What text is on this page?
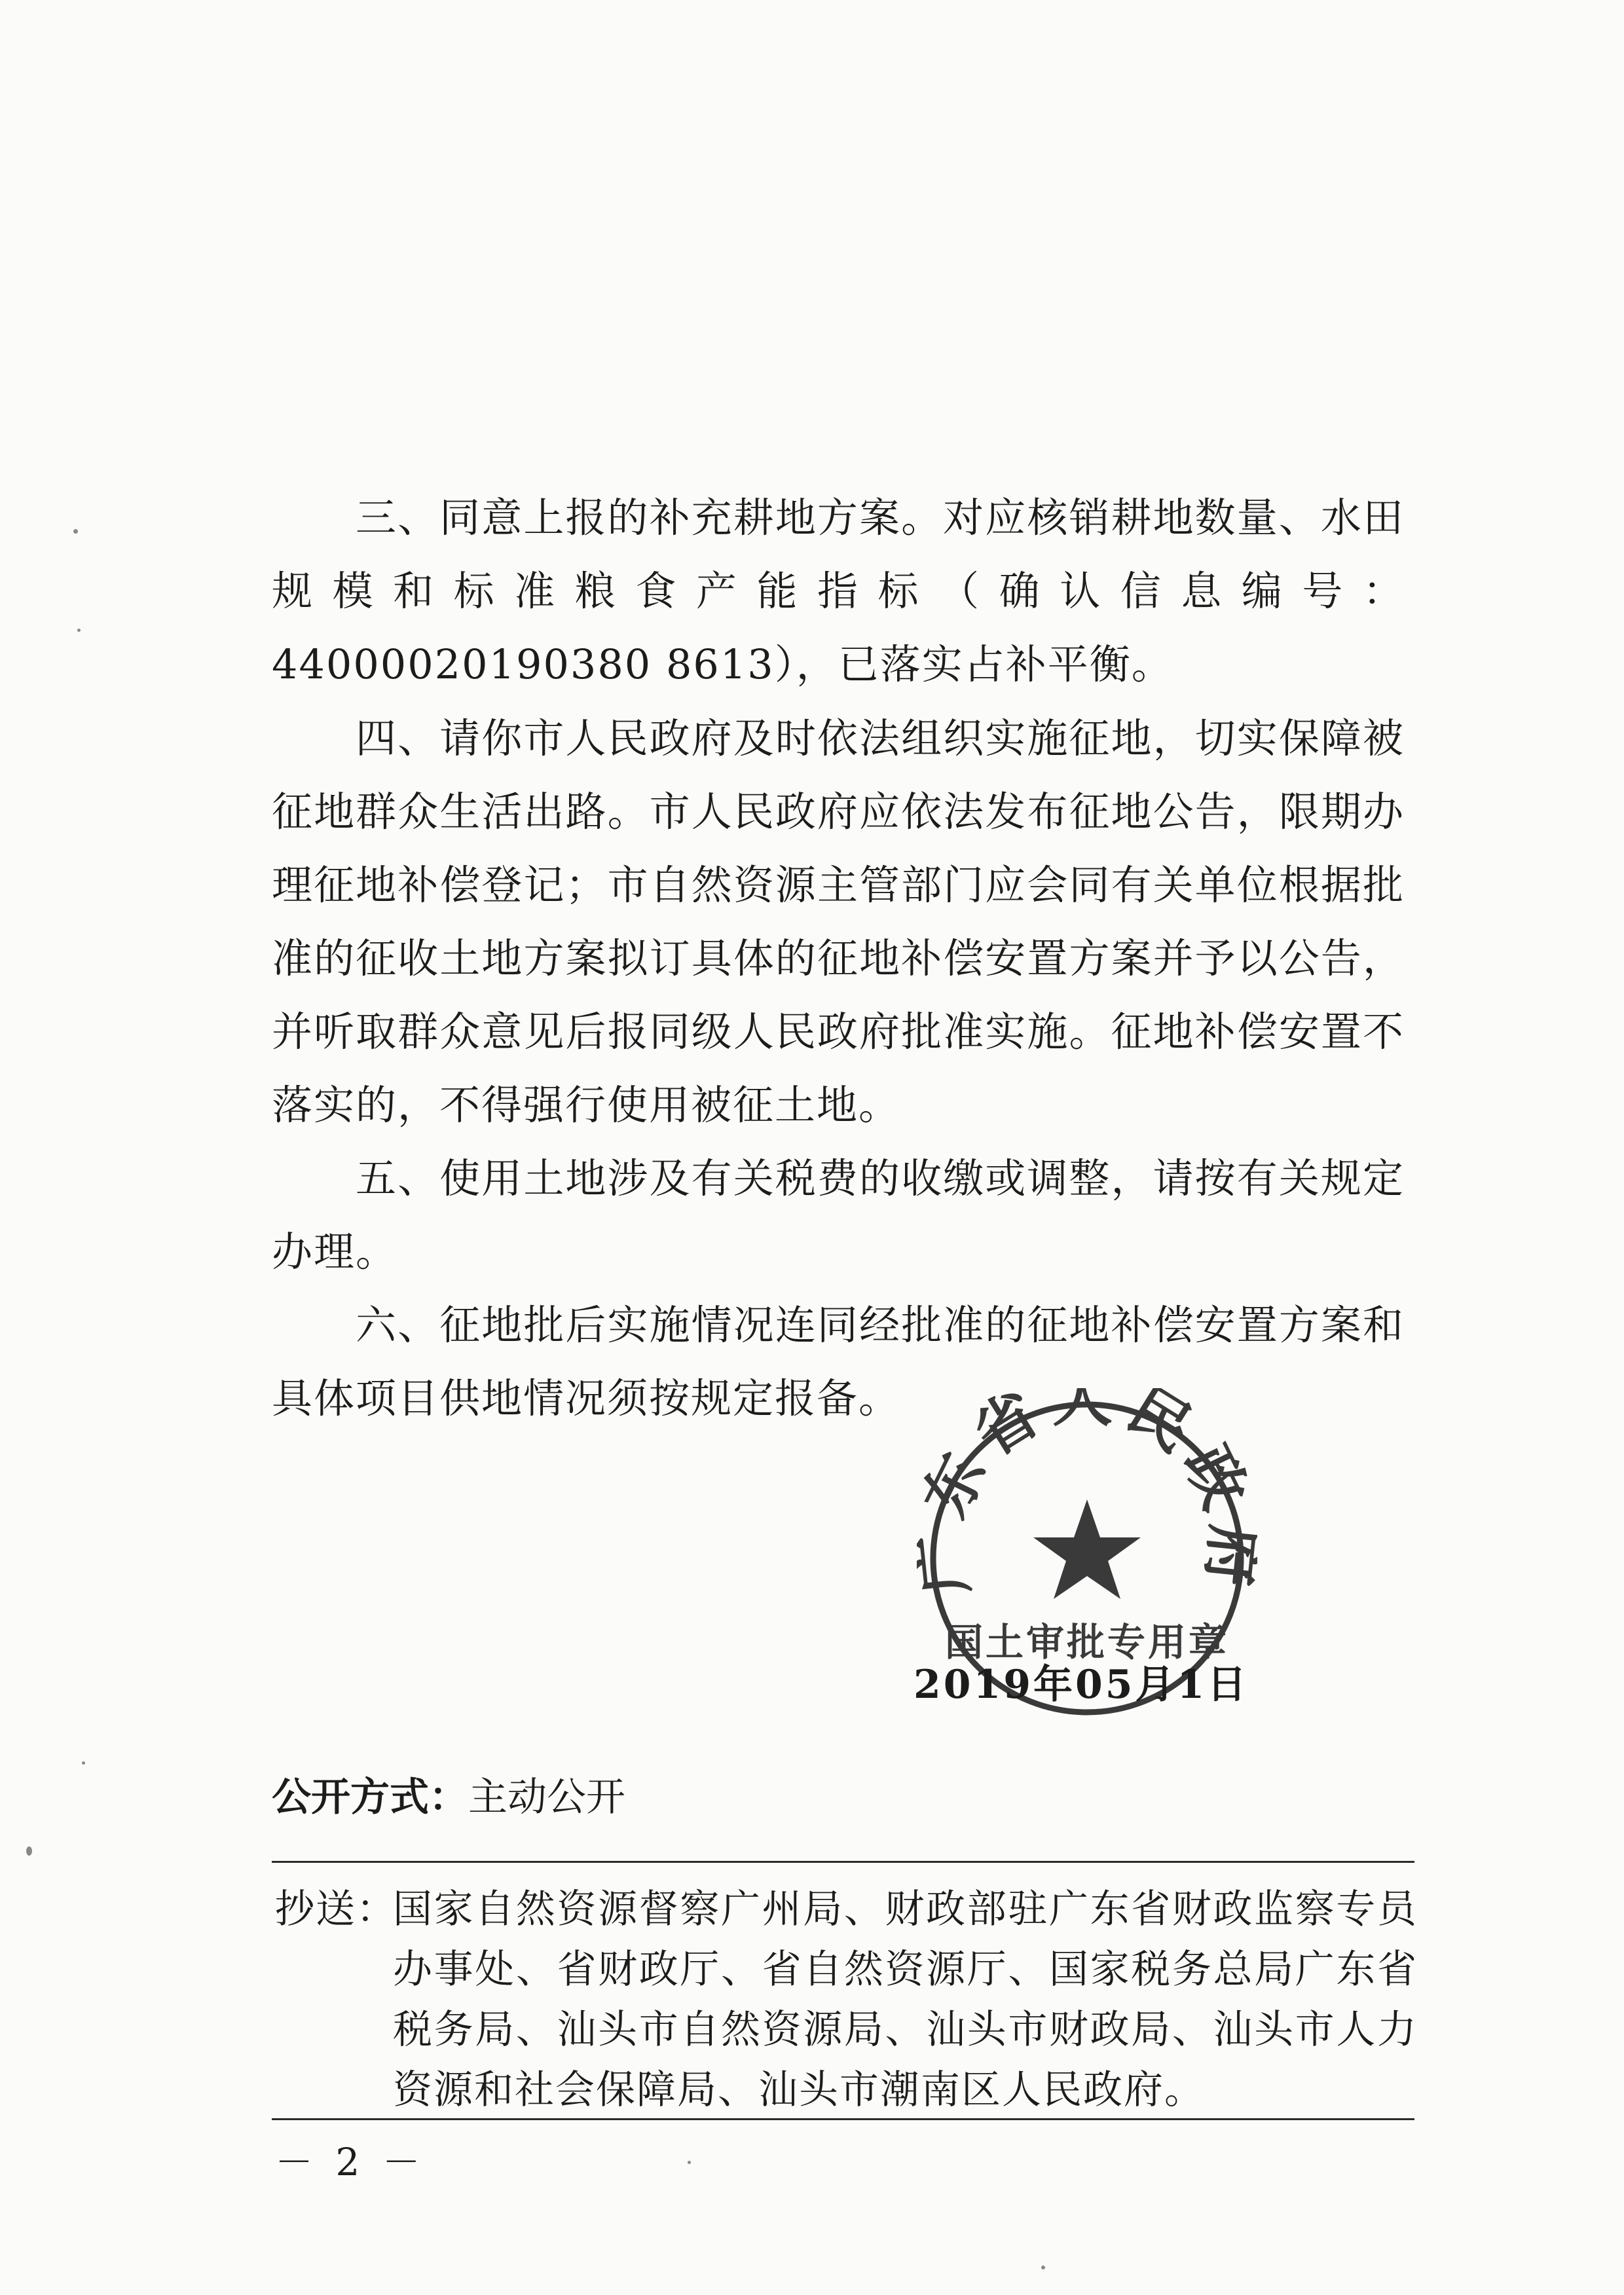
三、同意上报的补充耕地方案。对应核销耕地数量、水田规模和标准粮食产能指标（确认信息编号：44000020190380 8613），已落实占补平衡。

四、请你市人民政府及时依法组织实施征地，切实保障被征地群众生活出路。市人民政府应依法发布征地公告，限期办理征地补偿登记；市自然资源主管部门应会同有关单位根据批准的征收土地方案拟订具体的征地补偿安置方案并予以公告，并听取群众意见后报同级人民政府批准实施。征地补偿安置不落实的，不得强行使用被征土地。

五、使用土地涉及有关税费的收缴或调整，请按有关规定办理。

六、征地批后实施情况连同经批准的征地补偿安置方案和具体项目供地情况须按规定报备。

东省人民政
国土审批专用章
2019年05月1日
公开方式：主动公开
抄送：
国家自然资源督察广州局、财政部驻广东省财政监察专员办事处、省财政厅、省自然资源厅、国家税务总局广东省税务局、汕头市自然资源局、汕头市财政局、汕头市人力资源和社会保障局、汕头市潮南区人民政府。
－ 2 －
